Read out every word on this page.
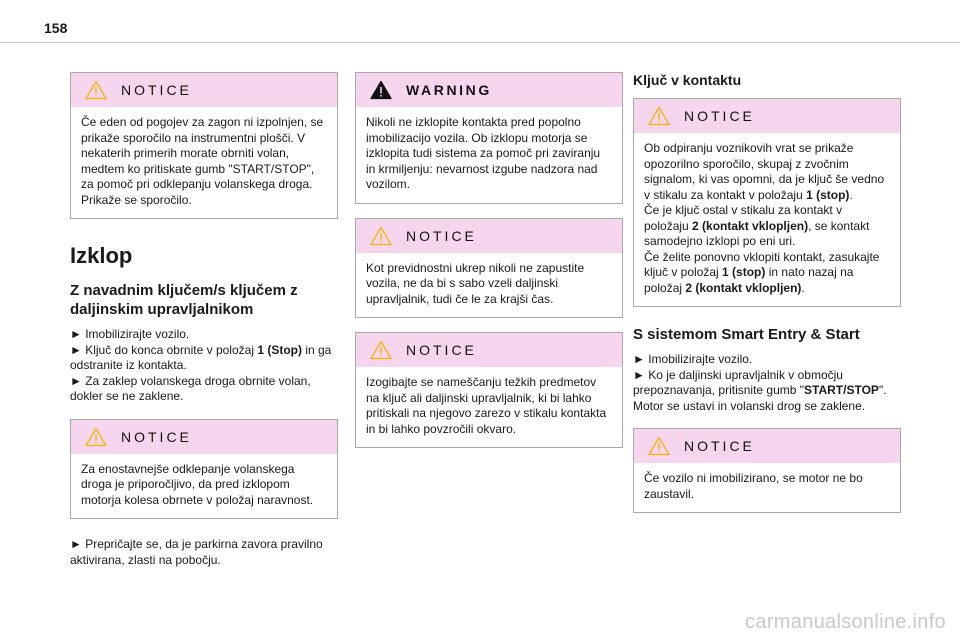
158
NOTICE

Če eden od pogojev za zagon ni izpolnjen, se prikaže sporočilo na instrumentni plošči. V nekaterih primerih morate obrniti volan, medtem ko pritiskate gumb "START/STOP", za pomoč pri odklepanju volanskega droga. Prikaže se sporočilo.

Izklop
Z navadnim ključem/s ključem z daljinskim upravljalnikom

► Imobilizirajte vozilo.

► Ključ do konca obrnite v položaj 1 (Stop) in ga odstranite iz kontakta.

► Za zaklep volanskega droga obrnite volan, dokler se ne zaklene.

NOTICE

Za enostavnejše odklepanje volanskega droga je priporočljivo, da pred izklopom motorja kolesa obrnete v položaj naravnost.

► Prepričajte se, da je parkirna zavora pravilno aktivirana, zlasti na pobočju.

WARNING

Nikoli ne izklopite kontakta pred popolno imobilizacijo vozila. Ob izklopu motorja se izklopita tudi sistema za pomoč pri zaviranju in krmiljenju: nevarnost izgube nadzora nad vozilom.

NOTICE

Kot previdnostni ukrep nikoli ne zapustite vozila, ne da bi s sabo vzeli daljinski upravljalnik, tudi če le za krajši čas.

NOTICE

Izogibajte se nameščanju težkih predmetov na ključ ali daljinski upravljalnik, ki bi lahko pritiskali na njegovo zarezo v stikalu kontakta in bi lahko povzročili okvaro.

Ključ v kontaktu
NOTICE

Ob odpiranju voznikovih vrat se prikaže opozorilno sporočilo, skupaj z zvočnim signalom, ki vas opomni, da je ključ še vedno v stikalu za kontakt v položaju 1 (stop).

Če je ključ ostal v stikalu za kontakt v položaju 2 (kontakt vklopljen), se kontakt samodejno izklopi po eni uri.

Če želite ponovno vklopiti kontakt, zasukajte ključ v položaj 1 (stop) in nato nazaj na položaj 2 (kontakt vklopljen).

S sistemom Smart Entry & Start

► Imobilizirajte vozilo.

► Ko je daljinski upravljalnik v območju prepoznavanja, pritisnite gumb "START/STOP".

Motor se ustavi in volanski drog se zaklene.

NOTICE

Če vozilo ni imobilizirano, se motor ne bo zaustavil.

carmanualsonline.info
